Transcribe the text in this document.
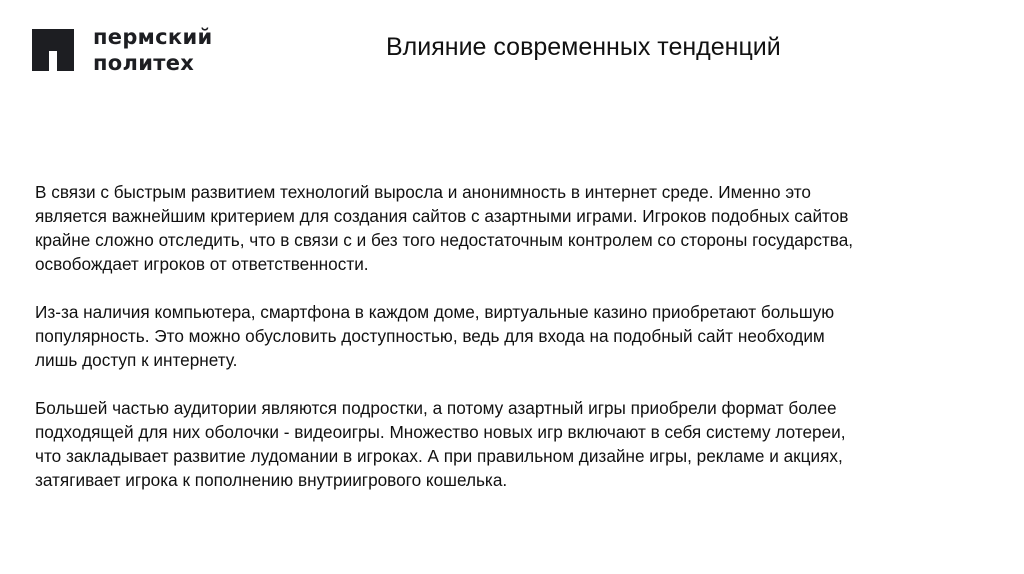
пермский
политех
Влияние современных тенденций

В связи с быстрым развитием технологий выросла и анонимность в интернет среде. Именно это
является важнейшим критерием для создания сайтов с азартными играми. Игроков подобных сайтов
крайне сложно отследить, что в связи с и без того недостаточным контролем со стороны государства,
освобождает игроков от ответственности.

Из-за наличия компьютера, смартфона в каждом доме, виртуальные казино приобретают большую
популярность. Это можно обусловить доступностью, ведь для входа на подобный сайт необходим
лишь доступ к интернету.

Большей частью аудитории являются подростки, а потому азартный игры приобрели формат более
подходящей для них оболочки - видеоигры. Множество новых игр включают в себя систему лотереи,
что закладывает развитие лудомании в игроках. А при правильном дизайне игры, рекламе и акциях,
затягивает игрока к пополнению внутриигрового кошелька.
